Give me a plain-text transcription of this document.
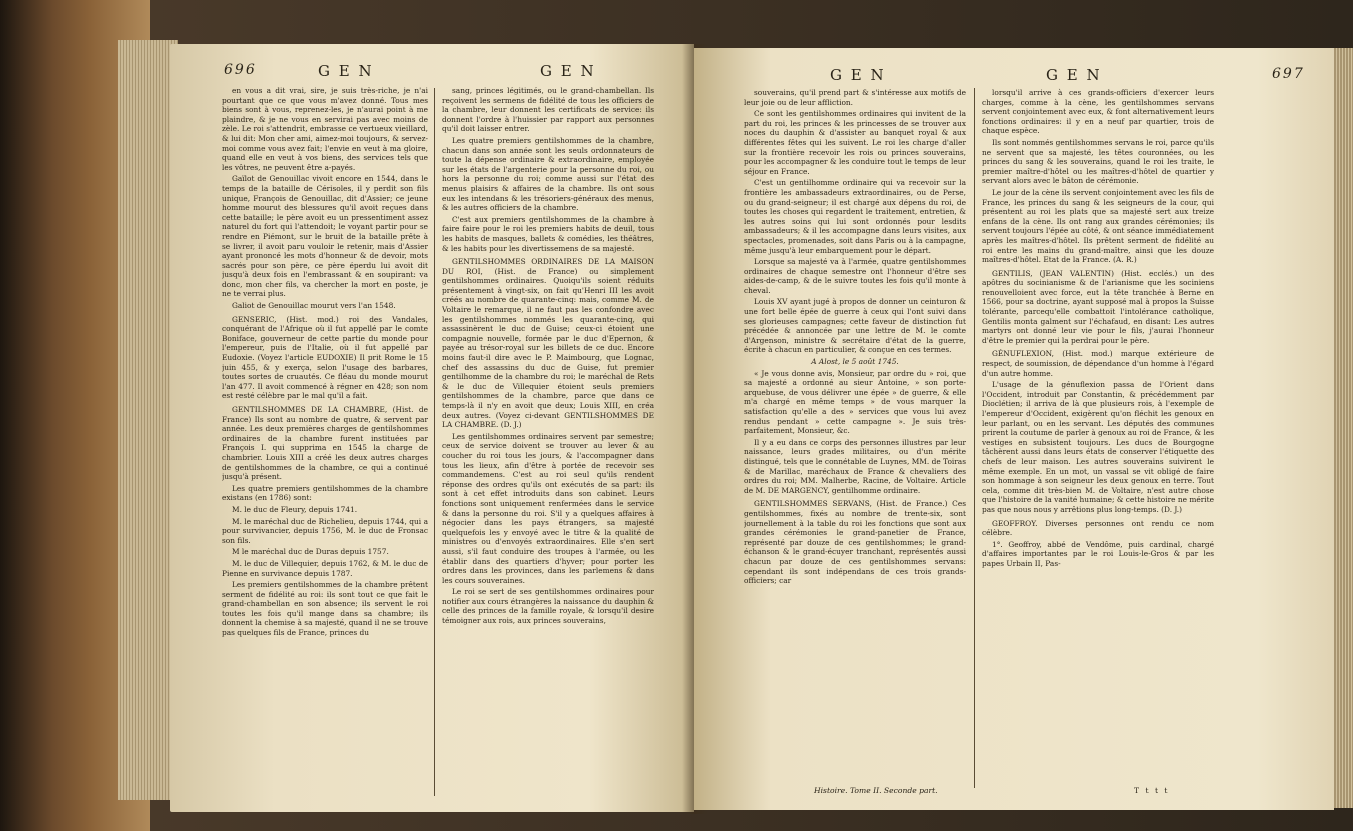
696	G E N	G E N

en vous a dit vrai, sire, je suis très-riche, je n'ai pourtant que ce que vous m'avez donné. Tous mes biens sont à vous, reprenez-les, je n'aurai point à me plaindre, & je ne vous en servirai pas avec moins de zèle. Le roi s'attendrit, embrasse ce vertueux vieillard, & lui dit: Mon cher ami, aimez-moi toujours, & servez-moi comme vous avez fait; l'envie en veut à ma gloire, quand elle en veut à vos biens, des services tels que les vôtres, ne peuvent être a-payés.

Gaïlot de Genouillac vivoit encore en 1544, dans le temps de la bataille de Cérisoles, il y perdit son fils unique, François de Genouillac, dit d'Assier; ce jeune homme mourut des blessures qu'il avoit reçues dans cette bataille; le père avoit eu un pressentiment assez naturel du fort qui l'attendoit; le voyant partir pour se rendre en Piémont, sur le bruit de la bataille prête à se livrer, il avoit paru vouloir le retenir, mais d'Assier ayant prononcé les mots d'honneur & de devoir, mots sacrés pour son père, ce père éperdu lui avoit dit jusqu'à deux fois en l'embrassant & en soupirant: va donc, mon cher fils, va chercher la mort en poste, je ne te verrai plus.

Galiot de Genouillac mourut vers l'an 1548.

GENSERIC, (Hist. mod.) roi des Vandales, conquérant de l'Afrique où il fut appellé par le comte Boniface, gouverneur de cette partie du monde pour l'empereur, puis de l'Italie, où il fut appellé par Eudoxie. (Voyez l'article EUDOXIE) Il prit Rome le 15 juin 455, & y exerça, selon l'usage des barbares, toutes sortes de cruautés. Ce fléau du monde mourut l'an 477. Il avoit commencé à régner en 428; son nom est resté célèbre par le mal qu'il a fait.

GENTILSHOMMES DE LA CHAMBRE, (Hist. de France) Ils sont au nombre de quatre, & servent par année. Les deux premières charges de gentilshommes ordinaires de la chambre furent instituées par François I. qui supprima en 1545 la charge de chambrier. Louis XIII a créé les deux autres charges de gentilshommes de la chambre, ce qui a continué jusqu'à présent.

Les quatre premiers gentilshommes de la chambre existans (en 1786) sont:

M. le duc de Fleury, depuis 1741.

M. le maréchal duc de Richelieu, depuis 1744, qui a pour survivancier, depuis 1756, M. le duc de Fronsac son fils.

M le maréchal duc de Duras depuis 1757.

M. le duc de Villequier, depuis 1762, & M. le duc de Pienne en survivance depuis 1787.

Les premiers gentilshommes de la chambre prêtent serment de fidélité au roi: ils sont tout ce que fait le grand-chambellan en son absence; ils servent le roi toutes les fois qu'il mange dans sa chambre; ils donnent la chemise à sa majesté, quand il ne se trouve pas quelques fils de France, princes du

sang, princes légitimés, ou le grand-chambellan. Ils reçoivent les sermens de fidélité de tous les officiers de la chambre, leur donnent les certificats de service: ils donnent l'ordre à l'huissier par rapport aux personnes qu'il doit laisser entrer.

Les quatre premiers gentilshommes de la chambre, chacun dans son année sont les seuls ordonnateurs de toute la dépense ordinaire & extraordinaire, employée sur les états de l'argenterie pour la personne du roi, ou hors la personne du roi; comme aussi sur l'état des menus plaisirs & affaires de la chambre. Ils ont sous eux les intendans & les trésoriers-généraux des menus, & les autres officiers de la chambre.

C'est aux premiers gentilshommes de la chambre à faire faire pour le roi les premiers habits de deuil, tous les habits de masques, ballets & comédies, les théâtres, & les habits pour les divertissemens de sa majesté.

GENTILSHOMMES ORDINAIRES DE LA MAISON DU ROI, (Hist. de France) ou simplement gentilshommes ordinaires. Quoiqu'ils soient réduits présentement à vingt-six, on fait qu'Henri III les avoit créés au nombre de quarante-cinq: mais, comme M. de Voltaire le remarque, il ne faut pas les confondre avec les gentilshommes nommés les quarante-cinq, qui assassinèrent le duc de Guise; ceux-ci étoient une compagnie nouvelle, formée par le duc d'Epernon, & payée au trésor-royal sur les billets de ce duc. Encore moins faut-il dire avec le P. Maimbourg, que Lognac, chef des assassins du duc de Guise, fut premier gentilhomme de la chambre du roi; le maréchal de Rets & le duc de Villequier étoient seuls premiers gentilshommes de la chambre, parce que dans ce temps-là il n'y en avoit que deux; Louis XIII, en créa deux autres. (Voyez ci-devant GENTILSHOMMES DE LA CHAMBRE. (D. J.)

Les gentilshommes ordinaires servent par semestre; ceux de service doivent se trouver au lever & au coucher du roi tous les jours, & l'accompagner dans tous les lieux, afin d'être à portée de recevoir ses commandemens. C'est au roi seul qu'ils rendent réponse des ordres qu'ils ont exécutés de sa part: ils sont à cet effet introduits dans son cabinet. Leurs fonctions sont uniquement renfermées dans le service & dans la personne du roi. S'il y a quelques affaires à négocier dans les pays étrangers, sa majesté quelquefois les y envoyé avec le titre & la qualité de ministres ou d'envoyés extraordinaires. Elle s'en sert aussi, s'il faut conduire des troupes à l'armée, ou les établir dans des quartiers d'hyver; pour porter les ordres dans les provinces, dans les parlemens & dans les cours souveraines.

Le roi se sert de ses gentilshommes ordinaires pour notifier aux cours étrangères la naissance du dauphin & celle des princes de la famille royale, & lorsqu'il desire témoigner aux rois, aux princes souverains,

G E N	G E N	697

souverains, qu'il prend part & s'intéresse aux motifs de leur joie ou de leur affliction.

Ce sont les gentilshommes ordinaires qui invitent de la part du roi, les princes & les princesses de se trouver aux noces du dauphin & d'assister au banquet royal & aux différentes fêtes qui les suivent. Le roi les charge d'aller sur la frontière recevoir les rois ou princes souverains, pour les accompagner & les conduire tout le temps de leur séjour en France.

C'est un gentilhomme ordinaire qui va recevoir sur la frontière les ambassadeurs extraordinaires, ou de Perse, ou du grand-seigneur; il est chargé aux dépens du roi, de toutes les choses qui regardent le traitement, entretien, & les autres soins qui lui sont ordonnés pour lesdits ambassadeurs; & il les accompagne dans leurs visites, aux spectacles, promenades, soit dans Paris ou à la campagne, même jusqu'à leur embarquement pour le départ.

Lorsque sa majesté va à l'armée, quatre gentilshommes ordinaires de chaque semestre ont l'honneur d'être ses aides-de-camp, & de le suivre toutes les fois qu'il monte à cheval.

Louis XV ayant jugé à propos de donner un ceinturon & une fort belle épée de guerre à ceux qui l'ont suivi dans ses glorieuses campagnes; cette faveur de distinction fut précédée & annoncée par une lettre de M. le comte d'Argenson, ministre & secrétaire d'état de la guerre, écrite à chacun en particulier, & conçue en ces termes.

A Alost, le 5 août 1745.

« Je vous donne avis, Monsieur, par ordre du » roi, que sa majesté a ordonné au sieur Antoine, » son porte-arquebuse, de vous délivrer une épée » de guerre, & elle m'a chargé en même temps » de vous marquer la satisfaction qu'elle a des » services que vous lui avez rendus pendant » cette campagne ». Je suis très-parfaitement, Monsieur, &c.

Il y a eu dans ce corps des personnes illustres par leur naissance, leurs grades militaires, ou d'un mérite distingué, tels que le connétable de Luynes, MM. de Toiras & de Marillac, maréchaux de France & chevaliers des ordres du roi; MM. Malherbe, Racine, de Voltaire. Article de M. DE MARGENCY, gentilhomme ordinaire.

GENTILSHOMMES SERVANS, (Hist. de France.) Ces gentilshommes, fixés au nombre de trente-six, sont journellement à la table du roi les fonctions que sont aux grandes cérémonies le grand-panetier de France, représenté par douze de ces gentilshommes; le grand-échanson & le grand-écuyer tranchant, représentés aussi chacun par douze de ces gentilshommes servans: cependant ils sont indépendans de ces trois grands-officiers; car

lorsqu'il arrive à ces grands-officiers d'exercer leurs charges, comme à la cène, les gentilshommes servans servent conjointement avec eux, & font alternativement leurs fonctions ordinaires: il y en a neuf par quartier, trois de chaque espèce.

Ils sont nommés gentilshommes servans le roi, parce qu'ils ne servent que sa majesté, les têtes couronnées, ou les princes du sang & les souverains, quand le roi les traite, le premier maître-d'hôtel ou les maîtres-d'hôtel de quartier y servant alors avec le bâton de cérémonie.

Le jour de la cène ils servent conjointement avec les fils de France, les princes du sang & les seigneurs de la cour, qui présentent au roi les plats que sa majesté sert aux treize enfans de la cène. Ils ont rang aux grandes cérémonies; ils servent toujours l'épée au côté, & ont séance immédiatement après les maîtres-d'hôtel. Ils prêtent serment de fidélité au roi entre les mains du grand-maître, ainsi que les douze maîtres-d'hôtel. Etat de la France. (A. R.)

GENTILIS, (JEAN VALENTIN) (Hist. ecclés.) un des apôtres du socinianisme & de l'arianisme que les sociniens renouvelloient avec force, eut la tête tranchée à Berne en 1566, pour sa doctrine, ayant supposé mal à propos la Suisse tolérante, parcequ'elle combattoit l'intolérance catholique, Gentilis monta galment sur l'échafaud, en disant: Les autres martyrs ont donné leur vie pour le fils, j'aurai l'honneur d'être le premier qui la perdrai pour le père.

GÉNUFLEXION, (Hist. mod.) marque extérieure de respect, de soumission, de dépendance d'un homme à l'égard d'un autre homme.

L'usage de la génuflexion passa de l'Orient dans l'Occident, introduit par Constantin, & précédemment par Dioclétien; il arriva de là que plusieurs rois, à l'exemple de l'empereur d'Occident, exigèrent qu'on fléchit les genoux en leur parlant, ou en les servant. Les députés des communes prirent la coutume de parler à genoux au roi de France, & les vestiges en subsistent toujours. Les ducs de Bourgogne tâchèrent aussi dans leurs états de conserver l'étiquette des chefs de leur maison. Les autres souverains suivirent le même exemple. En un mot, un vassal se vit obligé de faire son hommage à son seigneur les deux genoux en terre. Tout cela, comme dit très-bien M. de Voltaire, n'est autre chose que l'histoire de la vanité humaine; & cette histoire ne mérite pas que nous nous y arrêtions plus long-temps. (D. J.)

GEOFFROY. Diverses personnes ont rendu ce nom célèbre.

1°. Geoffroy, abbé de Vendôme, puis cardinal, chargé d'affaires importantes par le roi Louis-le-Gros & par les papes Urbain II, Pas-

Histoire. Tome II. Seconde part.	T t t t
